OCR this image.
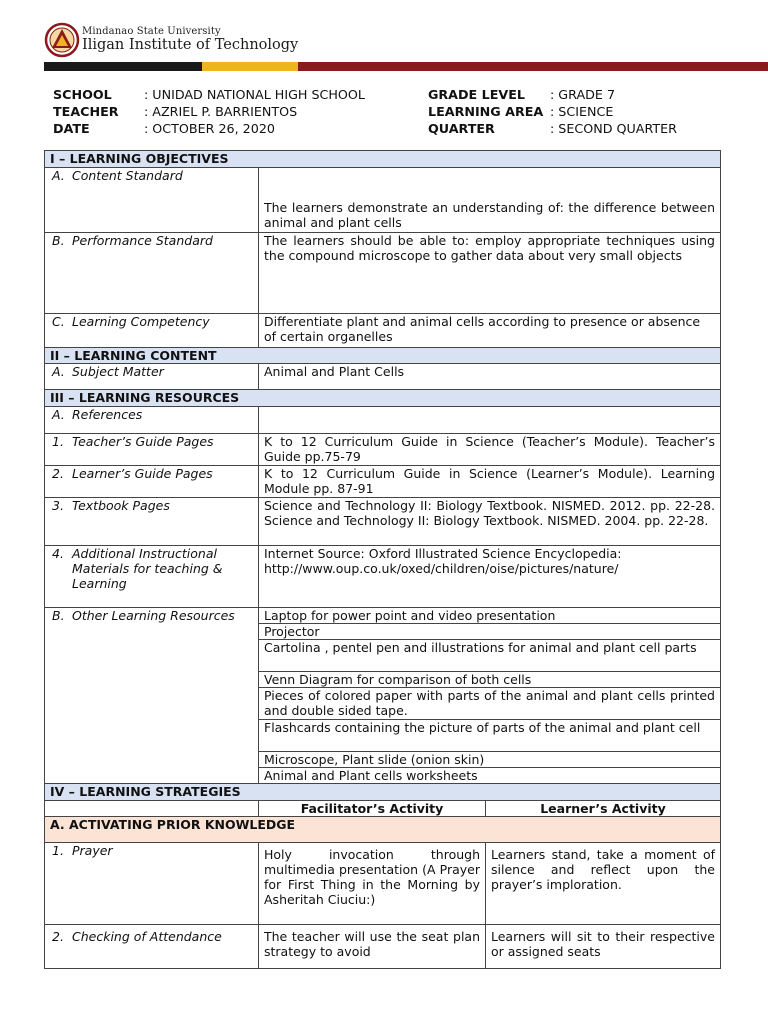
Mindanao State University
Iligan Institute of Technology
SCHOOL	: UNIDAD NATIONAL HIGH SCHOOL
TEACHER : AZRIEL P. BARRIENTOS
DATE	: OCTOBER 26, 2020
GRADE LEVEL : GRADE 7
LEARNING AREA : SCIENCE
QUARTER	: SECOND QUARTER
I – LEARNING OBJECTIVES		

A. Content Standard	The learners demonstrate an understanding of: the difference between animal and plant cells	

B. Performance Standard	The learners should be able to: employ appropriate techniques using the compound microscope to gather data about very small objects	

C. Learning Competency	Differentiate plant and animal cells according to presence or absence of certain organelles	
II – LEARNING CONTENT		

A. Subject Matter	Animal and Plant Cells	
III – LEARNING RESOURCES		

A. References		

1. Teacher’s Guide Pages	K to 12 Curriculum Guide in Science (Teacher’s Module). Teacher’s Guide pp.75-79	

2. Learner’s Guide Pages	K to 12 Curriculum Guide in Science (Learner’s Module). Learning Module pp. 87-91	

3. Textbook Pages	Science and Technology II: Biology Textbook. NISMED. 2012. pp. 22-28. Science and Technology II: Biology Textbook. NISMED. 2004. pp. 22-28.	

4. Additional Instructional Materials for teaching & Learning	Internet Source: Oxford Illustrated Science Encyclopedia: http://www.oup.co.uk/oxed/children/oise/pictures/nature/	

B. Other Learning Resources	Laptop for power point and video presentation	
	Projector	
	Cartolina , pentel pen and illustrations for animal and plant cell parts	
	Venn Diagram for comparison of both cells	
	Pieces of colored paper with parts of the animal and plant cells printed and double sided tape.	
	Flashcards containing the picture of parts of the animal and plant cell	
	Microscope, Plant slide (onion skin)	
	Animal and Plant cells worksheets	
IV – LEARNING STRATEGIES		
	Facilitator’s Activity	Learner’s Activity
A. ACTIVATING PRIOR KNOWLEDGE		

1. Prayer	Holy invocation through multimedia presentation (A Prayer for First Thing in the Morning by Asheritah Ciuciu:)	Learners stand, take a moment of silence and reflect upon the prayer’s imploration.

2. Checking of Attendance	The teacher will use the seat plan strategy to avoid	Learners will sit to their respective or assigned seats
